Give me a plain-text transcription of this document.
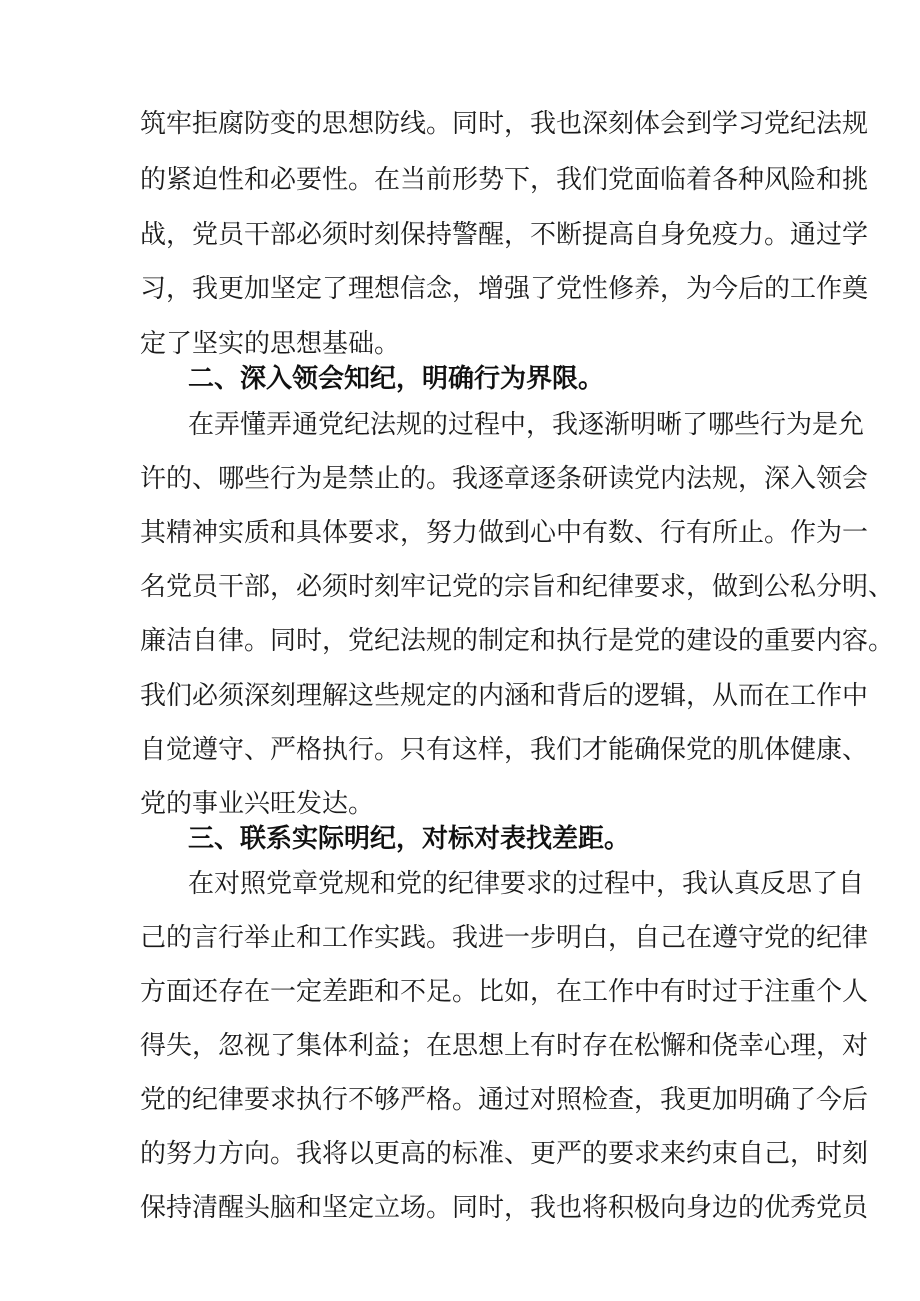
筑牢拒腐防变的思想防线。同时，我也深刻体会到学习党纪法规
的紧迫性和必要性。在当前形势下，我们党面临着各种风险和挑
战，党员干部必须时刻保持警醒，不断提高自身免疫力。通过学
习，我更加坚定了理想信念，增强了党性修养，为今后的工作奠
定了坚实的思想基础。
二、深入领会知纪，明确行为界限。
在弄懂弄通党纪法规的过程中，我逐渐明晰了哪些行为是允
许的、哪些行为是禁止的。我逐章逐条研读党内法规，深入领会
其精神实质和具体要求，努力做到心中有数、行有所止。作为一
名党员干部，必须时刻牢记党的宗旨和纪律要求，做到公私分明、
廉洁自律。同时，党纪法规的制定和执行是党的建设的重要内容。
我们必须深刻理解这些规定的内涵和背后的逻辑，从而在工作中
自觉遵守、严格执行。只有这样，我们才能确保党的肌体健康、
党的事业兴旺发达。
三、联系实际明纪，对标对表找差距。
在对照党章党规和党的纪律要求的过程中，我认真反思了自
己的言行举止和工作实践。我进一步明白，自己在遵守党的纪律
方面还存在一定差距和不足。比如，在工作中有时过于注重个人
得失，忽视了集体利益；在思想上有时存在松懈和侥幸心理，对
党的纪律要求执行不够严格。通过对照检查，我更加明确了今后
的努力方向。我将以更高的标准、更严的要求来约束自己，时刻
保持清醒头脑和坚定立场。同时，我也将积极向身边的优秀党员
